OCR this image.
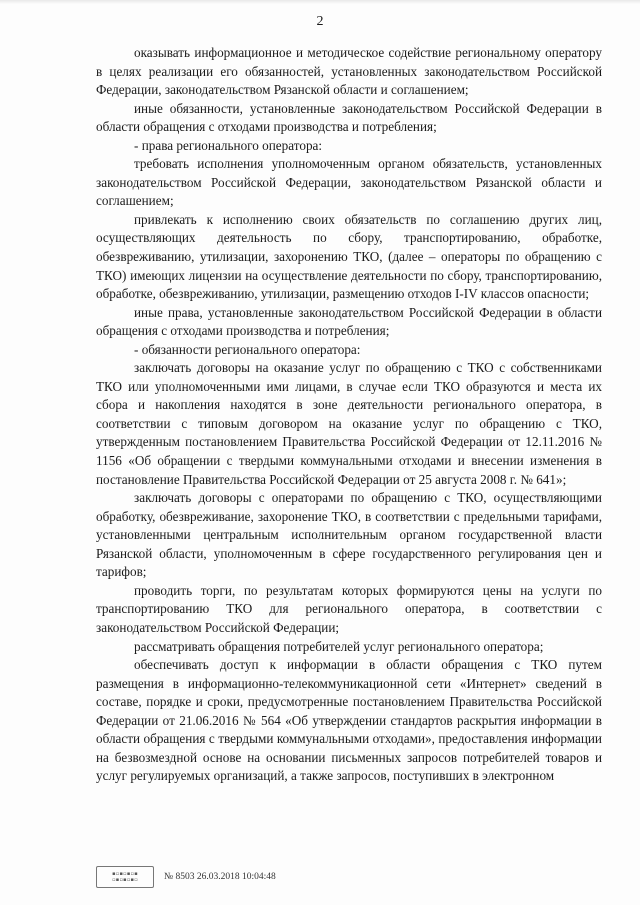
2

оказывать информационное и методическое содействие региональному оператору в целях реализации его обязанностей, установленных законодательством Российской Федерации, законодательством Рязанской области и соглашением;

иные обязанности, установленные законодательством Российской Федерации в области обращения с отходами производства и потребления;

- права регионального оператора:

требовать исполнения уполномоченным органом обязательств, установленных законодательством Российской Федерации, законодательством Рязанской области и соглашением;

привлекать к исполнению своих обязательств по соглашению других лиц, осуществляющих деятельность по сбору, транспортированию, обработке, обезвреживанию, утилизации, захоронению ТКО, (далее – операторы по обращению с ТКО) имеющих лицензии на осуществление деятельности по сбору, транспортированию, обработке, обезвреживанию, утилизации, размещению отходов I-IV классов опасности;

иные права, установленные законодательством Российской Федерации в области обращения с отходами производства и потребления;

- обязанности регионального оператора:

заключать договоры на оказание услуг по обращению с ТКО с собственниками ТКО или уполномоченными ими лицами, в случае если ТКО образуются и места их сбора и накопления находятся в зоне деятельности регионального оператора, в соответствии с типовым договором на оказание услуг по обращению с ТКО, утвержденным постановлением Правительства Российской Федерации от 12.11.2016 № 1156 «Об обращении с твердыми коммунальными отходами и внесении изменения в постановление Правительства Российской Федерации от 25 августа 2008 г. № 641»;

заключать договоры с операторами по обращению с ТКО, осуществляющими обработку, обезвреживание, захоронение ТКО, в соответствии с предельными тарифами, установленными центральным исполнительным органом государственной власти Рязанской области, уполномоченным в сфере государственного регулирования цен и тарифов;

проводить торги, по результатам которых формируются цены на услуги по транспортированию ТКО для регионального оператора, в соответствии с законодательством Российской Федерации;

рассматривать обращения потребителей услуг регионального оператора;

обеспечивать доступ к информации в области обращения с ТКО путем размещения в информационно-телекоммуникационной сети «Интернет» сведений в составе, порядке и сроки, предусмотренные постановлением Правительства Российской Федерации от 21.06.2016 № 564 «Об утверждении стандартов раскрытия информации в области обращения с твердыми коммунальными отходами», предоставления информации на безвозмездной основе на основании письменных запросов потребителей товаров и услуг регулируемых организаций, а также запросов, поступивших в электронном

▪▫▪▫▪▫▪
▫▪▫▪▫▪▫	№ 8503 26.03.2018 10:04:48
